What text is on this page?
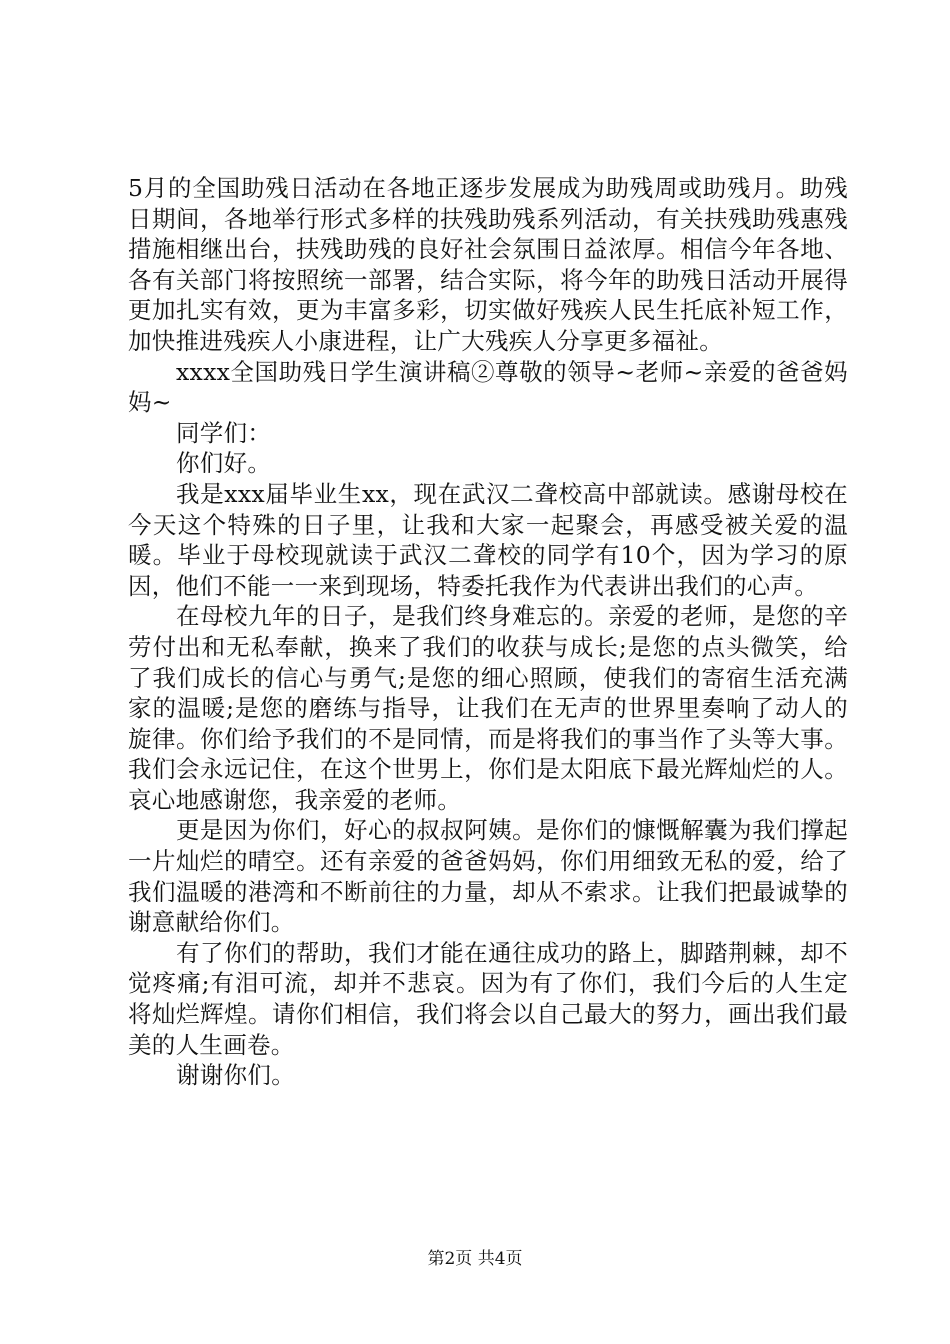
5月的全国助残日活动在各地正逐步发展成为助残周或助残月。助残日期间，各地举行形式多样的扶残助残系列活动，有关扶残助残惠残措施相继出台，扶残助残的良好社会氛围日益浓厚。相信今年各地、各有关部门将按照统一部署，结合实际，将今年的助残日活动开展得更加扎实有效，更为丰富多彩，切实做好残疾人民生托底补短工作，加快推进残疾人小康进程，让广大残疾人分享更多福祉。

xxxx全国助残日学生演讲稿②尊敬的领导~老师~亲爱的爸爸妈妈~

同学们：

你们好。

我是xxx届毕业生xx，现在武汉二聋校高中部就读。感谢母校在今天这个特殊的日子里，让我和大家一起聚会，再感受被关爱的温暖。毕业于母校现就读于武汉二聋校的同学有10个，因为学习的原因，他们不能一一来到现场，特委托我作为代表讲出我们的心声。

在母校九年的日子，是我们终身难忘的。亲爱的老师，是您的辛劳付出和无私奉献，换来了我们的收获与成长;是您的点头微笑，给了我们成长的信心与勇气;是您的细心照顾，使我们的寄宿生活充满家的温暖;是您的磨练与指导，让我们在无声的世界里奏响了动人的旋律。你们给予我们的不是同情，而是将我们的事当作了头等大事。我们会永远记住，在这个世男上，你们是太阳底下最光辉灿烂的人。哀心地感谢您，我亲爱的老师。

更是因为你们，好心的叔叔阿姨。是你们的慷慨解囊为我们撑起一片灿烂的晴空。还有亲爱的爸爸妈妈，你们用细致无私的爱，给了我们温暖的港湾和不断前往的力量，却从不索求。让我们把最诚挚的谢意献给你们。

有了你们的帮助，我们才能在通往成功的路上，脚踏荆棘，却不觉疼痛;有泪可流，却并不悲哀。因为有了你们，我们今后的人生定将灿烂辉煌。请你们相信，我们将会以自己最大的努力，画出我们最美的人生画卷。

谢谢你们。

第2页 共4页
